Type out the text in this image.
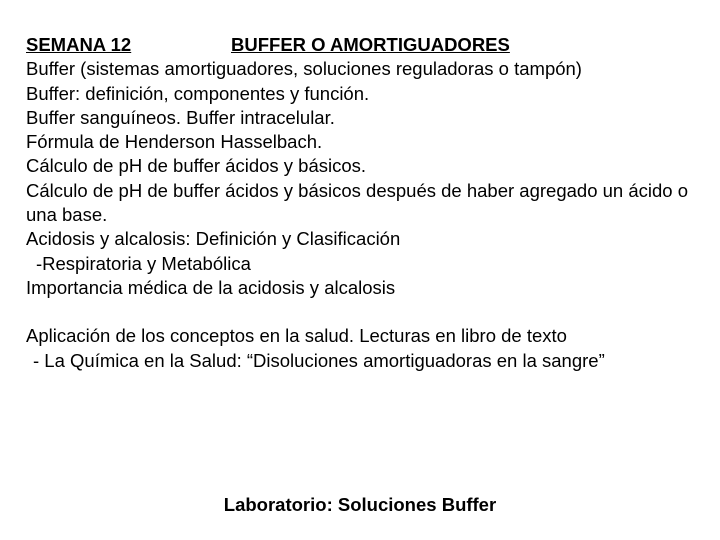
SEMANA 12	BUFFER O AMORTIGUADORES
Buffer (sistemas amortiguadores, soluciones reguladoras o tampón)
Buffer: definición, componentes y función.
Buffer sanguíneos. Buffer intracelular.
Fórmula de Henderson Hasselbach.
Cálculo de pH de buffer ácidos y básicos.
Cálculo de pH de buffer ácidos y básicos después de haber agregado un ácido o una base.
Acidosis y alcalosis: Definición y Clasificación
-Respiratoria y Metabólica
Importancia médica de la acidosis y alcalosis
Aplicación de los conceptos en la salud. Lecturas en libro de texto
- La Química en la Salud: “Disoluciones amortiguadoras en la sangre”
Laboratorio: Soluciones Buffer
